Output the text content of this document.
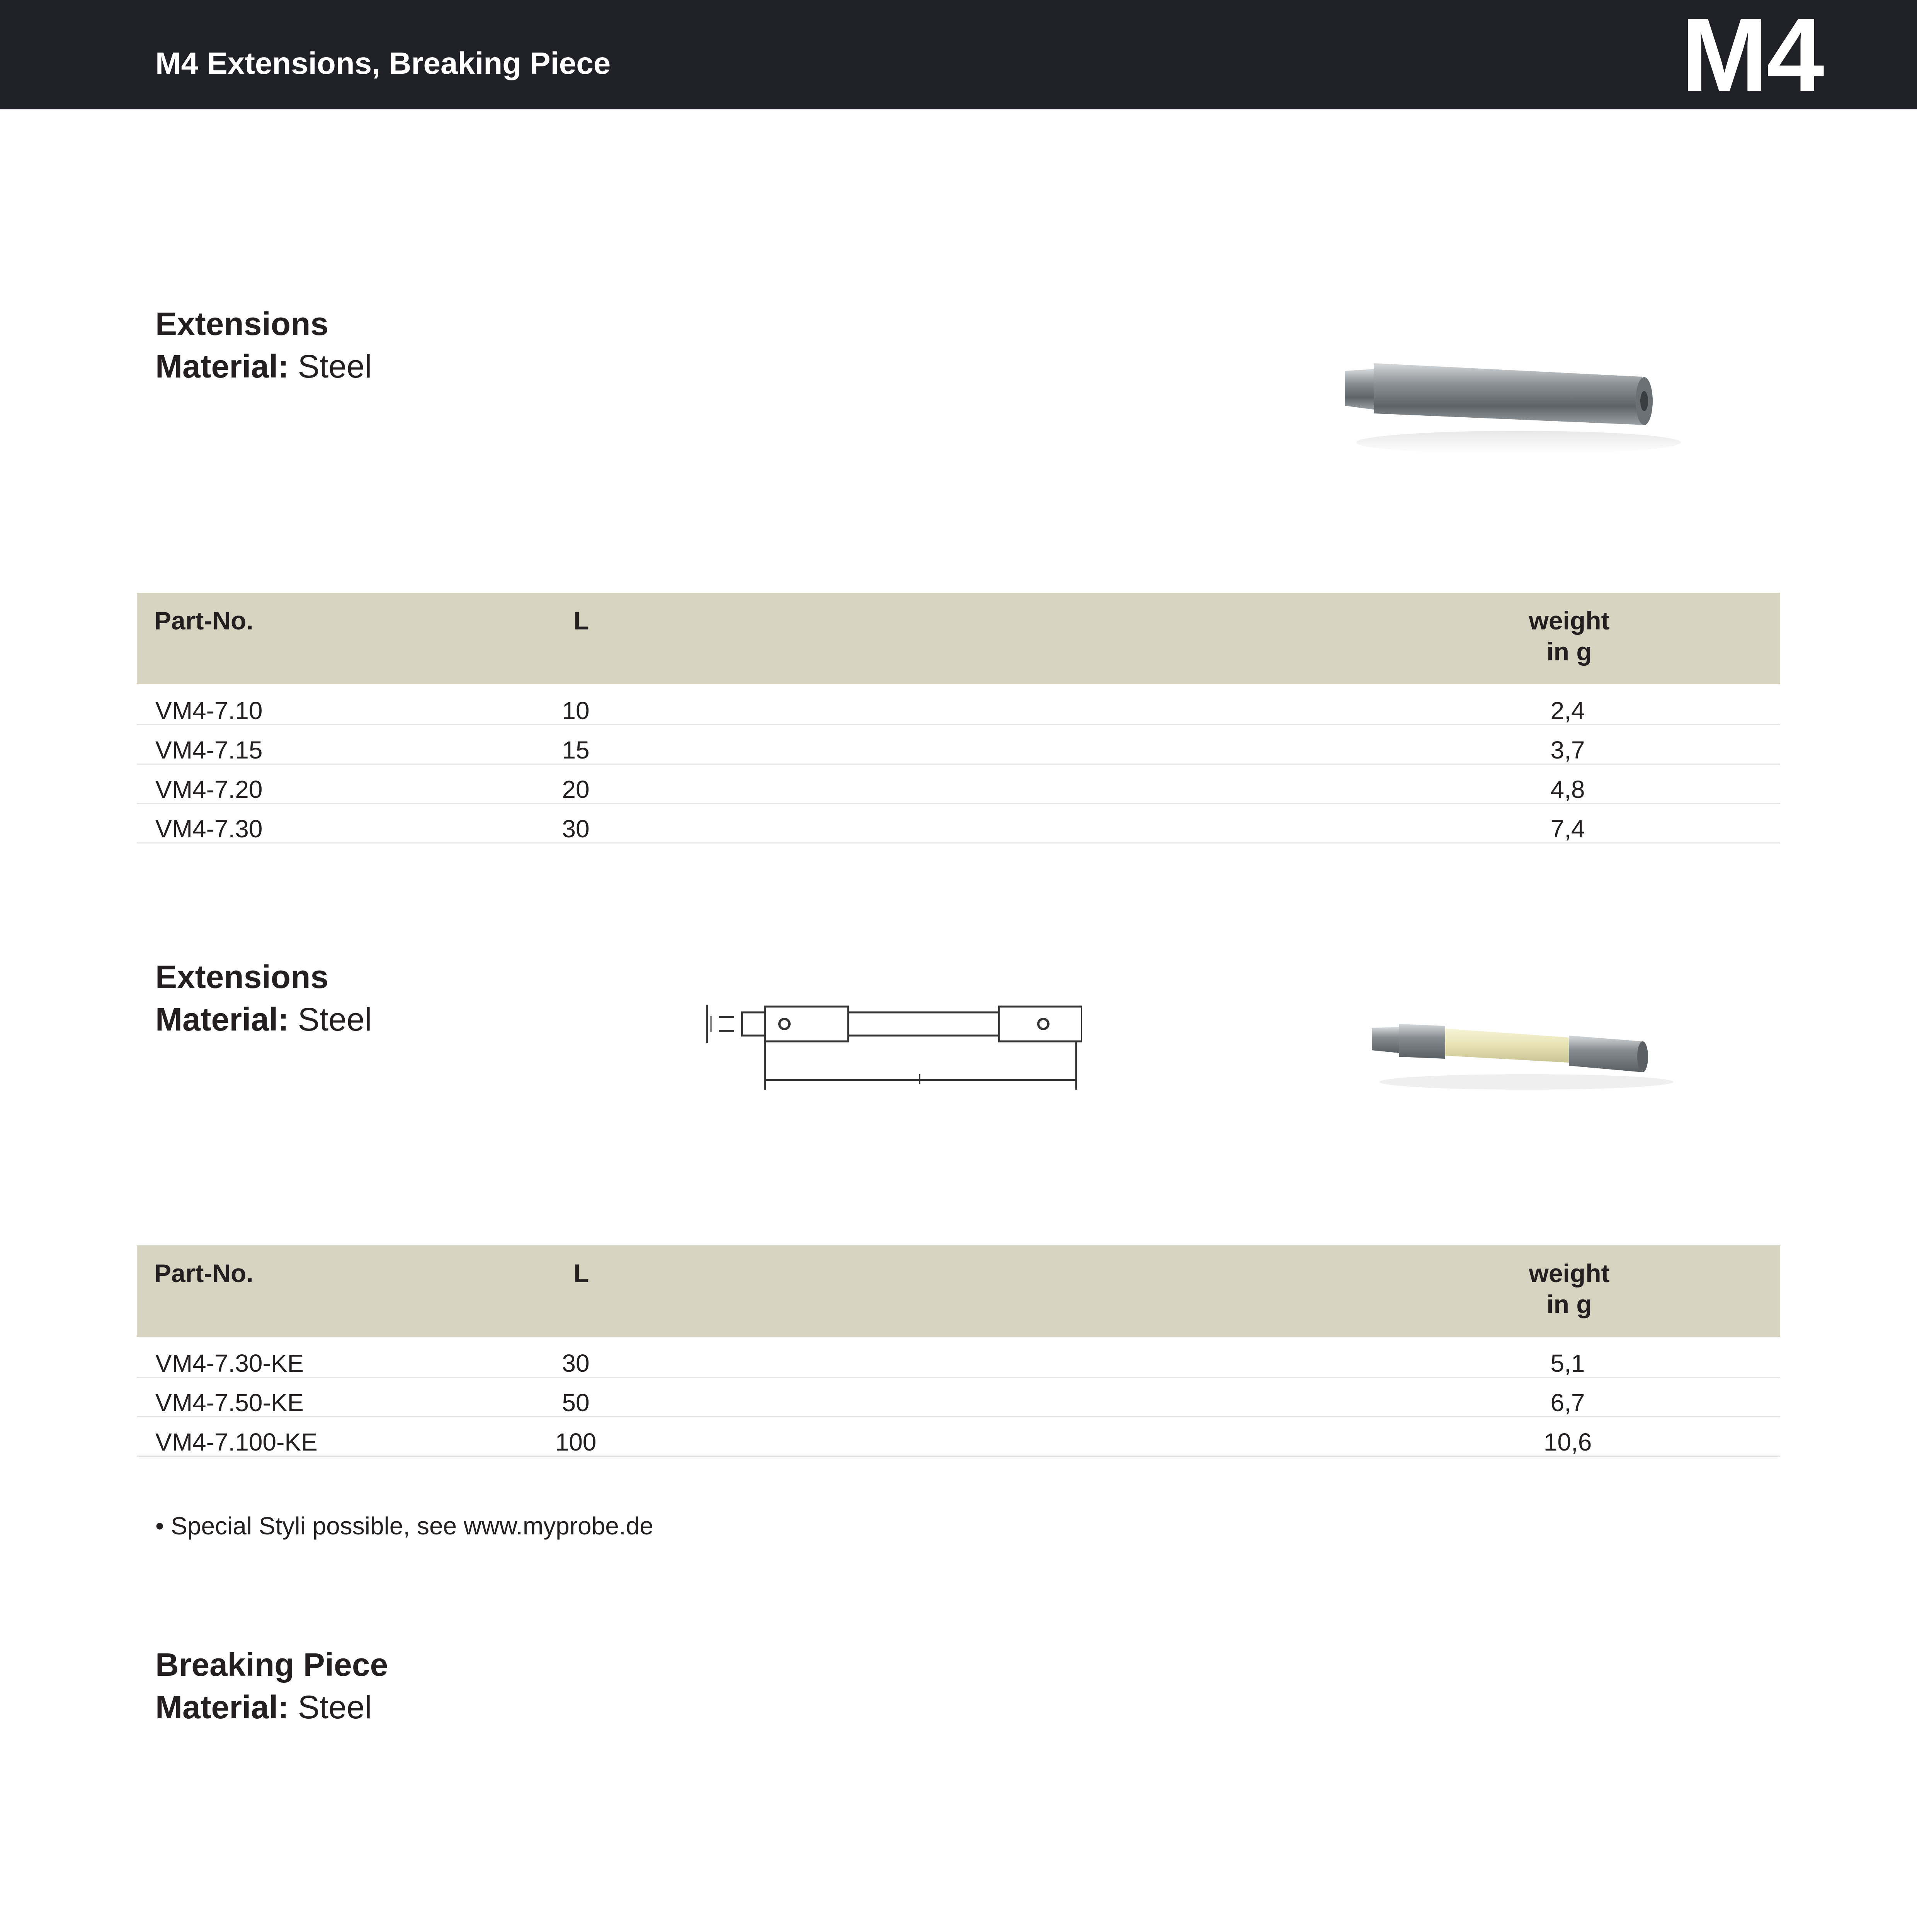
M4 Extensions, Breaking Piece	M4
Extensions
Material: Steel
Part-No.	L	weight
in g
VM4-7.10	10	2,4
VM4-7.15	15	3,7
VM4-7.20	20	4,8
VM4-7.30	30	7,4
Extensions
Material: Steel
Part-No.	L	weight
in g
VM4-7.30-KE	30	5,1
VM4-7.50-KE	50	6,7
VM4-7.100-KE	100	10,6
• Special Styli possible, see www.myprobe.de
Breaking Piece
Material: Steel
